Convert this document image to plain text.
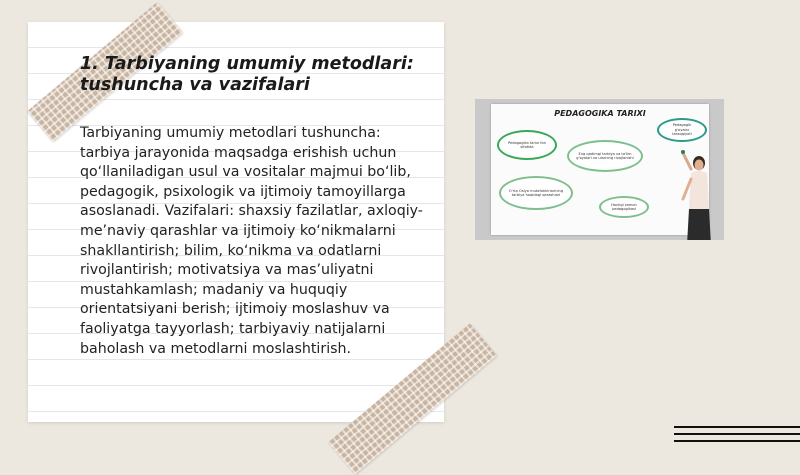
1. Tarbiyaning umumiy metodlari: tushuncha va vazifalari

Tarbiyaning umumiy metodlari tushuncha: tarbiya jarayonida maqsadga erishish uchun qo‘llaniladigan usul va vositalar majmui bo‘lib, pedagogik, psixologik va ijtimoiy tamoyillarga asoslanadi. Vazifalari: shaxsiy fazilatlar, axloqiy-me’naviy qarashlar va ijtimoiy ko‘nikmalarni shakllantirish; bilim, ko‘nikma va odatlarni rivojlantirish; motivatsiya va mas’uliyatni mustahkamlash; madaniy va huquqiy orientatsiyani berish; ijtimoiy moslashuv va faoliyatga tayyorlash; tarbiyaviy natijalarni baholash va metodlarni moslashtirish.

PEDAGOGIKA TARIXI
Pedagogika tarixi fan sifatida
Eng qadimgi tarbiya va ta'lim g'oyalari va ularning rivojlanishi
Pedagogik g'oyalar taraqqiyoti
O'rta Osiyo mutafakkirlarining tarbiya haqidagi qarashlari
Hozirgi zamon pedagogikasi
